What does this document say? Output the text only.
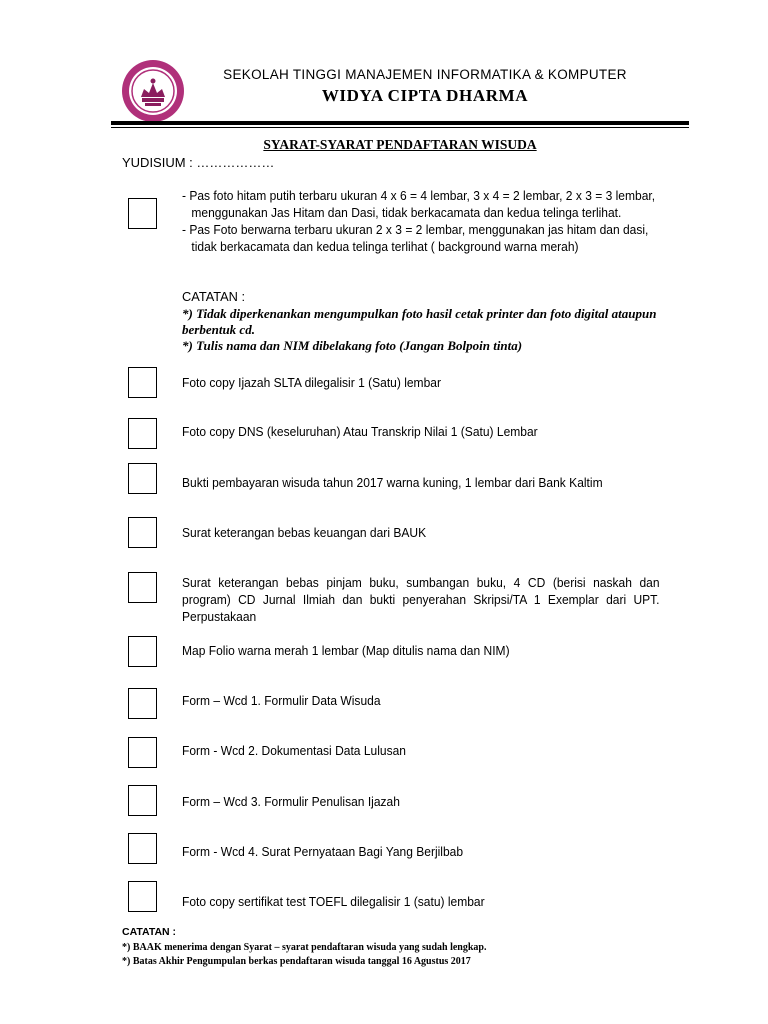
SEKOLAH TINGGI MANAJEMEN INFORMATIKA & KOMPUTER
WIDYA CIPTA DHARMA
SYARAT-SYARAT PENDAFTARAN WISUDA
YUDISIUM : ………………
- Pas foto hitam putih terbaru ukuran 4 x 6 = 4 lembar, 3 x 4 = 2 lembar, 2 x 3 = 3 lembar, menggunakan Jas Hitam dan Dasi, tidak berkacamata dan kedua telinga terlihat.
- Pas Foto berwarna terbaru ukuran 2 x 3 = 2 lembar, menggunakan jas hitam dan dasi, tidak berkacamata dan kedua telinga terlihat ( background warna merah)
CATATAN :
*) Tidak diperkenankan mengumpulkan foto hasil cetak printer dan foto digital ataupun berbentuk cd.
*) Tulis nama dan NIM dibelakang foto (Jangan Bolpoin tinta)
Foto copy Ijazah SLTA dilegalisir 1 (Satu) lembar
Foto copy DNS (keseluruhan) Atau Transkrip Nilai 1 (Satu) Lembar
Bukti pembayaran wisuda tahun 2017 warna kuning, 1 lembar dari Bank Kaltim
Surat keterangan bebas keuangan dari BAUK
Surat keterangan bebas pinjam buku, sumbangan buku, 4 CD (berisi naskah dan program) CD Jurnal Ilmiah dan bukti penyerahan Skripsi/TA 1 Exemplar dari UPT. Perpustakaan
Map Folio warna merah 1 lembar (Map ditulis nama dan NIM)
Form – Wcd 1. Formulir Data Wisuda
Form - Wcd 2. Dokumentasi Data Lulusan
Form – Wcd 3. Formulir Penulisan Ijazah
Form - Wcd 4. Surat Pernyataan Bagi Yang Berjilbab
Foto copy sertifikat test TOEFL dilegalisir 1 (satu) lembar
CATATAN :
*) BAAK menerima dengan Syarat – syarat pendaftaran wisuda yang sudah lengkap.
*) Batas Akhir Pengumpulan berkas pendaftaran wisuda tanggal 16 Agustus 2017
